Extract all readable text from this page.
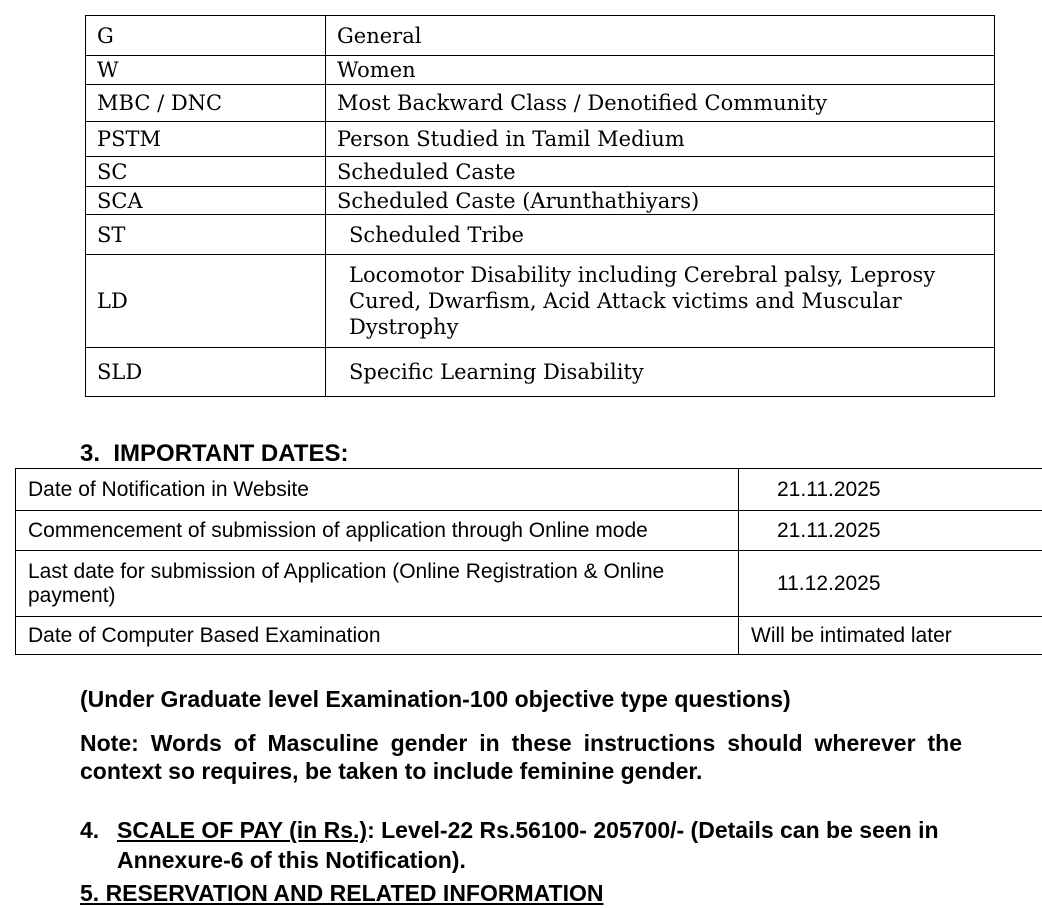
G	General
W	Women
MBC / DNC	Most Backward Class / Denotified Community
PSTM	Person Studied in Tamil Medium
SC	Scheduled Caste
SCA	Scheduled Caste (Arunthathiyars)
ST	Scheduled Tribe
LD	Locomotor Disability including Cerebral palsy, Leprosy Cured, Dwarfism, Acid Attack victims and Muscular Dystrophy
SLD	Specific Learning Disability
3. IMPORTANT DATES:
Date of Notification in Website	21.11.2025
Commencement of submission of application through Online mode	21.11.2025
Last date for submission of Application (Online Registration & Online payment)	11.12.2025
Date of Computer Based Examination	Will be intimated later
(Under Graduate level Examination-100 objective type questions)
Note: Words of Masculine gender in these instructions should wherever the context so requires, be taken to include feminine gender.
4. SCALE OF PAY (in Rs.): Level-22 Rs.56100- 205700/- (Details can be seen in Annexure-6 of this Notification).
5. RESERVATION AND RELATED INFORMATION
